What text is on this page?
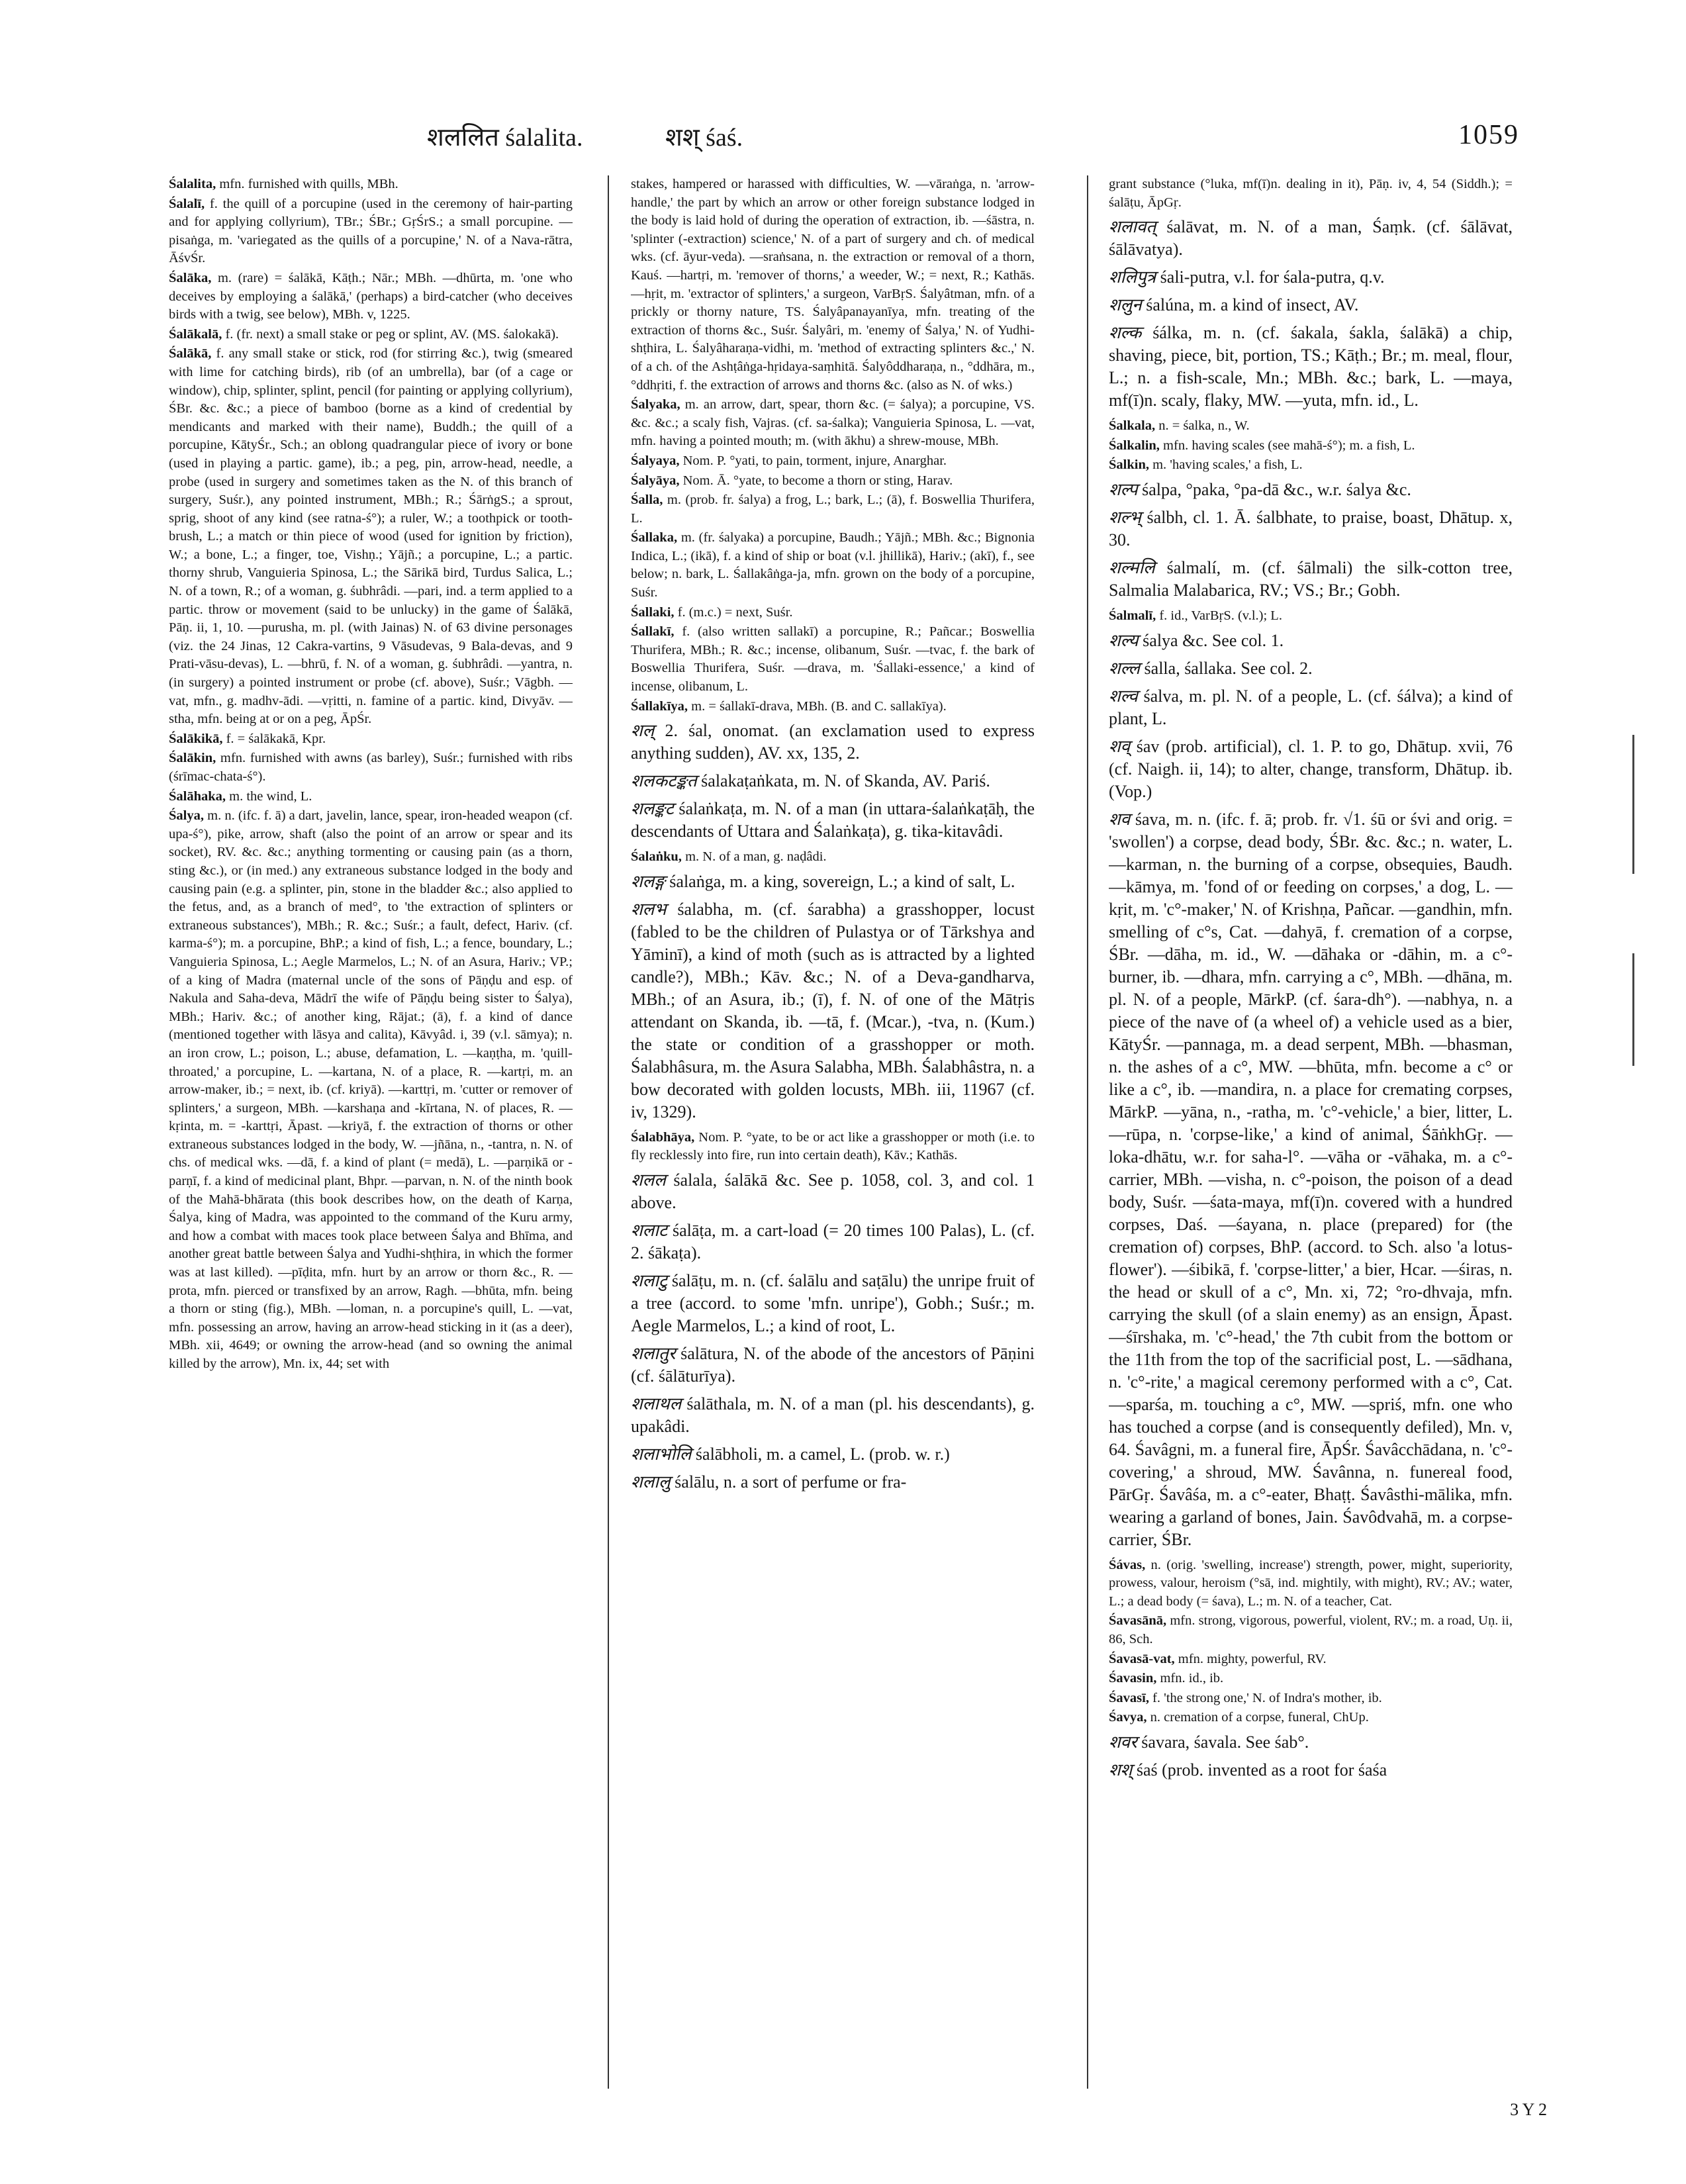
शललित śalalita.	शश् śaś.	1059

Śalalita, mfn. furnished with quills, MBh.

Śalalī, f. the quill of a porcupine (used in the ceremony of hair-parting and for applying collyrium), TBr.; ŚBr.; GṛŚrS.; a small porcupine. —pisaṅga, m. 'variegated as the quills of a porcupine,' N. of a Nava-rātra, ĀśvŚr.

Śalāka, m. (rare) = śalākā, Kāṭh.; Nār.; MBh. —dhūrta, m. 'one who deceives by employing a śalākā,' (perhaps) a bird-catcher (who deceives birds with a twig, see below), MBh. v, 1225.

Śalākalā, f. (fr. next) a small stake or peg or splint, AV. (MS. śalokakā).

Śalākā, f. any small stake or stick, rod (for stirring &c.), twig (smeared with lime for catching birds), rib (of an umbrella), bar (of a cage or window), chip, splinter, splint, pencil (for painting or applying collyrium), ŚBr. &c. &c.; a piece of bamboo (borne as a kind of credential by mendicants and marked with their name), Buddh.; the quill of a porcupine, KātyŚr., Sch.; an oblong quadrangular piece of ivory or bone (used in playing a partic. game), ib.; a peg, pin, arrow-head, needle, a probe (used in surgery and sometimes taken as the N. of this branch of surgery, Suśr.), any pointed instrument, MBh.; R.; ŚārṅgS.; a sprout, sprig, shoot of any kind (see ratna-ś°); a ruler, W.; a toothpick or tooth-brush, L.; a match or thin piece of wood (used for ignition by friction), W.; a bone, L.; a finger, toe, Vishṇ.; Yājñ.; a porcupine, L.; a partic. thorny shrub, Vanguieria Spinosa, L.; the Sārikā bird, Turdus Salica, L.; N. of a town, R.; of a woman, g. śubhrâdi. —pari, ind. a term applied to a partic. throw or movement (said to be unlucky) in the game of Śalākā, Pāṇ. ii, 1, 10. —purusha, m. pl. (with Jainas) N. of 63 divine personages (viz. the 24 Jinas, 12 Cakra-vartins, 9 Vāsudevas, 9 Bala-devas, and 9 Prati-vāsu-devas), L. —bhrū, f. N. of a woman, g. śubhrâdi. —yantra, n. (in surgery) a pointed instrument or probe (cf. above), Suśr.; Vāgbh. —vat, mfn., g. madhv-ādi. —vṛitti, n. famine of a partic. kind, Divyāv. —stha, mfn. being at or on a peg, ĀpŚr.

Śalākikā, f. = śalākakā, Kpr.

Śalākin, mfn. furnished with awns (as barley), Suśr.; furnished with ribs (śrīmac-chata-ś°).

Śalāhaka, m. the wind, L.

Śalya, m. n. (ifc. f. ā) a dart, javelin, lance, spear, iron-headed weapon (cf. upa-ś°), pike, arrow, shaft (also the point of an arrow or spear and its socket), RV. &c. &c.; anything tormenting or causing pain (as a thorn, sting &c.), or (in med.) any extraneous substance lodged in the body and causing pain (e.g. a splinter, pin, stone in the bladder &c.; also applied to the fetus, and, as a branch of med°, to 'the extraction of splinters or extraneous substances'), MBh.; R. &c.; Suśr.; a fault, defect, Hariv. (cf. karma-ś°); m. a porcupine, BhP.; a kind of fish, L.; a fence, boundary, L.; Vanguieria Spinosa, L.; Aegle Marmelos, L.; N. of an Asura, Hariv.; VP.; of a king of Madra (maternal uncle of the sons of Pāṇḍu and esp. of Nakula and Saha-deva, Mādrī the wife of Pāṇḍu being sister to Śalya), MBh.; Hariv. &c.; of another king, Rājat.; (ā), f. a kind of dance (mentioned together with lāsya and calita), Kāvyâd. i, 39 (v.l. sāmya); n. an iron crow, L.; poison, L.; abuse, defamation, L. —kaṇṭha, m. 'quill-throated,' a porcupine, L. —kartana, N. of a place, R. —kartṛi, m. an arrow-maker, ib.; = next, ib. (cf. kriyā). —karttṛi, m. 'cutter or remover of splinters,' a surgeon, MBh. —karshaṇa and -kīrtana, N. of places, R. —kṛinta, m. = -karttṛi, Āpast. —kriyā, f. the extraction of thorns or other extraneous substances lodged in the body, W. —jñāna, n., -tantra, n. N. of chs. of medical wks. —dā, f. a kind of plant (= medā), L. —parṇikā or -parṇī, f. a kind of medicinal plant, Bhpr. —parvan, n. N. of the ninth book of the Mahā-bhārata (this book describes how, on the death of Karṇa, Śalya, king of Madra, was appointed to the command of the Kuru army, and how a combat with maces took place between Śalya and Bhīma, and another great battle between Śalya and Yudhi-shṭhira, in which the former was at last killed). —pīḍita, mfn. hurt by an arrow or thorn &c., R. —prota, mfn. pierced or transfixed by an arrow, Ragh. —bhūta, mfn. being a thorn or sting (fig.), MBh. —loman, n. a porcupine's quill, L. —vat, mfn. possessing an arrow, having an arrow-head sticking in it (as a deer), MBh. xii, 4649; or owning the arrow-head (and so owning the animal killed by the arrow), Mn. ix, 44; set with

stakes, hampered or harassed with difficulties, W. —vāraṅga, n. 'arrow-handle,' the part by which an arrow or other foreign substance lodged in the body is laid hold of during the operation of extraction, ib. —śāstra, n. 'splinter (-extraction) science,' N. of a part of surgery and ch. of medical wks. (cf. āyur-veda). —sraṅsana, n. the extraction or removal of a thorn, Kauś. —hartṛi, m. 'remover of thorns,' a weeder, W.; = next, R.; Kathās. —hṛit, m. 'extractor of splinters,' a surgeon, VarBṛS. Śalyâtman, mfn. of a prickly or thorny nature, TS. Śalyâpanayanīya, mfn. treating of the extraction of thorns &c., Suśr. Śalyâri, m. 'enemy of Śalya,' N. of Yudhi-shṭhira, L. Śalyâharaṇa-vidhi, m. 'method of extracting splinters &c.,' N. of a ch. of the Ashṭâṅga-hṛidaya-saṃhitā. Śalyôddharaṇa, n., °ddhāra, m., °ddhṛiti, f. the extraction of arrows and thorns &c. (also as N. of wks.)

Śalyaka, m. an arrow, dart, spear, thorn &c. (= śalya); a porcupine, VS. &c. &c.; a scaly fish, Vajras. (cf. sa-śalka); Vanguieria Spinosa, L. —vat, mfn. having a pointed mouth; m. (with ākhu) a shrew-mouse, MBh.

Śalyaya, Nom. P. °yati, to pain, torment, injure, Anarghar.

Śalyāya, Nom. Ā. °yate, to become a thorn or sting, Harav.

Śalla, m. (prob. fr. śalya) a frog, L.; bark, L.; (ā), f. Boswellia Thurifera, L.

Śallaka, m. (fr. śalyaka) a porcupine, Baudh.; Yājñ.; MBh. &c.; Bignonia Indica, L.; (ikā), f. a kind of ship or boat (v.l. jhillikā), Hariv.; (akī), f., see below; n. bark, L. Śallakâṅga-ja, mfn. grown on the body of a porcupine, Suśr.

Śallaki, f. (m.c.) = next, Suśr.

Śallakī, f. (also written sallakī) a porcupine, R.; Pañcar.; Boswellia Thurifera, MBh.; R. &c.; incense, olibanum, Suśr. —tvac, f. the bark of Boswellia Thurifera, Suśr. —drava, m. 'Śallaki-essence,' a kind of incense, olibanum, L.

Śallakīya, m. = śallakī-drava, MBh. (B. and C. sallakīya).

शल् 2. śal, onomat. (an exclamation used to express anything sudden), AV. xx, 135, 2.

शलकटङ्कत śalakaṭaṅkata, m. N. of Skanda, AV. Pariś.

शलङ्कट śalaṅkaṭa, m. N. of a man (in uttara-śalaṅkaṭāḥ, the descendants of Uttara and Śalaṅkaṭa), g. tika-kitavâdi.

Śalaṅku, m. N. of a man, g. naḍâdi.

शलङ्ग śalaṅga, m. a king, sovereign, L.; a kind of salt, L.

शलभ śalabha, m. (cf. śarabha) a grasshopper, locust (fabled to be the children of Pulastya or of Tārkshya and Yāminī), a kind of moth (such as is attracted by a lighted candle?), MBh.; Kāv. &c.; N. of a Deva-gandharva, MBh.; of an Asura, ib.; (ī), f. N. of one of the Mātṛis attendant on Skanda, ib. —tā, f. (Mcar.), -tva, n. (Kum.) the state or condition of a grasshopper or moth. Śalabhâsura, m. the Asura Salabha, MBh. Śalabhâstra, n. a bow decorated with golden locusts, MBh. iii, 11967 (cf. iv, 1329).

Śalabhāya, Nom. P. °yate, to be or act like a grasshopper or moth (i.e. to fly recklessly into fire, run into certain death), Kāv.; Kathās.

शलल śalala, śalākā &c. See p. 1058, col. 3, and col. 1 above.

शलाट śalāṭa, m. a cart-load (= 20 times 100 Palas), L. (cf. 2. śākaṭa).

शलाटु śalāṭu, m. n. (cf. śalālu and saṭālu) the unripe fruit of a tree (accord. to some 'mfn. unripe'), Gobh.; Suśr.; m. Aegle Marmelos, L.; a kind of root, L.

शलातुर śalātura, N. of the abode of the ancestors of Pāṇini (cf. śālāturīya).

शलाथल śalāthala, m. N. of a man (pl. his descendants), g. upakâdi.

शलाभोलि śalābholi, m. a camel, L. (prob. w. r.)

शलालु śalālu, n. a sort of perfume or fra-

grant substance (°luka, mf(ī)n. dealing in it), Pāṇ. iv, 4, 54 (Siddh.); = śalāṭu, ĀpGṛ.

शलावत् śalāvat, m. N. of a man, Śaṃk. (cf. śālāvat, śālāvatya).

शलिपुत्र śali-putra, v.l. for śala-putra, q.v.

शलुन śalúna, m. a kind of insect, AV.

शल्क śálka, m. n. (cf. śakala, śakla, śalākā) a chip, shaving, piece, bit, portion, TS.; Kāṭh.; Br.; m. meal, flour, L.; n. a fish-scale, Mn.; MBh. &c.; bark, L. —maya, mf(ī)n. scaly, flaky, MW. —yuta, mfn. id., L.

Śalkala, n. = śalka, n., W.

Śalkalin, mfn. having scales (see mahā-ś°); m. a fish, L.

Śalkin, m. 'having scales,' a fish, L.

शल्प śalpa, °paka, °pa-dā &c., w.r. śalya &c.

शल्भ् śalbh, cl. 1. Ā. śalbhate, to praise, boast, Dhātup. x, 30.

शल्मलि śalmalí, m. (cf. śālmali) the silk-cotton tree, Salmalia Malabarica, RV.; VS.; Br.; Gobh.

Śalmalī, f. id., VarBṛS. (v.l.); L.

शल्य śalya &c. See col. 1.

शल्ल śalla, śallaka. See col. 2.

शल्व śalva, m. pl. N. of a people, L. (cf. śálva); a kind of plant, L.

शव् śav (prob. artificial), cl. 1. P. to go, Dhātup. xvii, 76 (cf. Naigh. ii, 14); to alter, change, transform, Dhātup. ib. (Vop.)

शव śava, m. n. (ifc. f. ā; prob. fr. √1. śū or śvi and orig. = 'swollen') a corpse, dead body, ŚBr. &c. &c.; n. water, L. —karman, n. the burning of a corpse, obsequies, Baudh. —kāmya, m. 'fond of or feeding on corpses,' a dog, L. —kṛit, m. 'c°-maker,' N. of Krishṇa, Pañcar. —gandhin, mfn. smelling of c°s, Cat. —dahyā, f. cremation of a corpse, ŚBr. —dāha, m. id., W. —dāhaka or -dāhin, m. a c°-burner, ib. —dhara, mfn. carrying a c°, MBh. —dhāna, m. pl. N. of a people, MārkP. (cf. śara-dh°). —nabhya, n. a piece of the nave of (a wheel of) a vehicle used as a bier, KātyŚr. —pannaga, m. a dead serpent, MBh. —bhasman, n. the ashes of a c°, MW. —bhūta, mfn. become a c° or like a c°, ib. —mandira, n. a place for cremating corpses, MārkP. —yāna, n., -ratha, m. 'c°-vehicle,' a bier, litter, L. —rūpa, n. 'corpse-like,' a kind of animal, ŚāṅkhGṛ. —loka-dhātu, w.r. for saha-l°. —vāha or -vāhaka, m. a c°-carrier, MBh. —visha, n. c°-poison, the poison of a dead body, Suśr. —śata-maya, mf(ī)n. covered with a hundred corpses, Daś. —śayana, n. place (prepared) for (the cremation of) corpses, BhP. (accord. to Sch. also 'a lotus-flower'). —śibikā, f. 'corpse-litter,' a bier, Hcar. —śiras, n. the head or skull of a c°, Mn. xi, 72; °ro-dhvaja, mfn. carrying the skull (of a slain enemy) as an ensign, Āpast. —śīrshaka, m. 'c°-head,' the 7th cubit from the bottom or the 11th from the top of the sacrificial post, L. —sādhana, n. 'c°-rite,' a magical ceremony performed with a c°, Cat. —sparśa, m. touching a c°, MW. —spriś, mfn. one who has touched a corpse (and is consequently defiled), Mn. v, 64. Śavâgni, m. a funeral fire, ĀpŚr. Śavâcchādana, n. 'c°-covering,' a shroud, MW. Śavânna, n. funereal food, PārGṛ. Śavâśa, m. a c°-eater, Bhaṭṭ. Śavâsthi-mālika, mfn. wearing a garland of bones, Jain. Śavôdvahā, m. a corpse-carrier, ŚBr.

Śávas, n. (orig. 'swelling, increase') strength, power, might, superiority, prowess, valour, heroism (°sā, ind. mightily, with might), RV.; AV.; water, L.; a dead body (= śava), L.; m. N. of a teacher, Cat.

Śavasānā, mfn. strong, vigorous, powerful, violent, RV.; m. a road, Uṇ. ii, 86, Sch.

Śavasā-vat, mfn. mighty, powerful, RV.

Śavasin, mfn. id., ib.

Śavasī, f. 'the strong one,' N. of Indra's mother, ib.

Śavya, n. cremation of a corpse, funeral, ChUp.

शवर śavara, śavala. See śab°.

शश् śaś (prob. invented as a root for śaśa

3 Y 2
